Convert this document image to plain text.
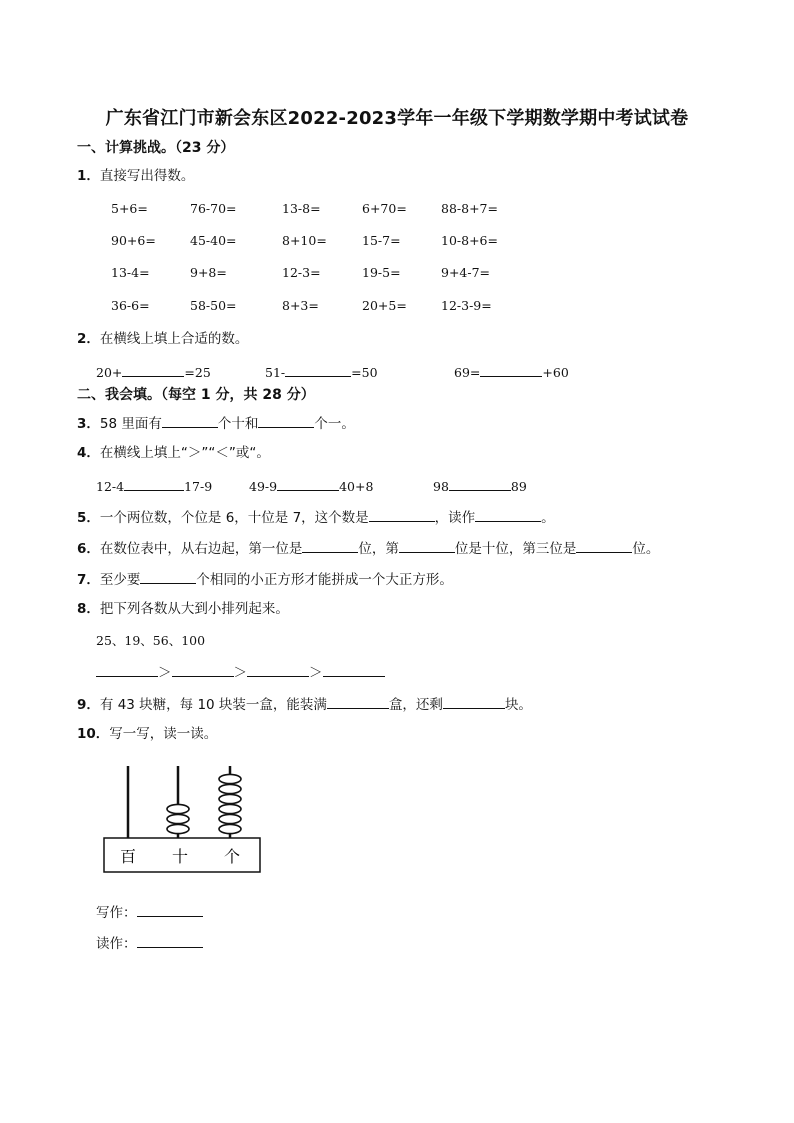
广东省江门市新会东区2022-2023学年一年级下学期数学期中考试试卷
一、计算挑战。（23 分）
1．直接写出得数。
5+6=	76-70=	13-8=	6+70=	88-8+7=
90+6=	45-40=	8+10=	15-7=	10-8+6=
13-4=	9+8=	12-3=	19-5=	9+4-7=
36-6=	58-50=	8+3=	20+5=	12-3-9=
2．在横线上填上合适的数。
20+	=25	51-	=50	69=	+60
二、我会填。（每空 1 分，共 28 分）
3．58 里面有	个十和	个一。
4．在横线上填上“＞”“＜”或“。
12-4	17-9	49-9	40+8	98	89
5．一个两位数，个位是 6，十位是 7，这个数是	，读作	。
6．在数位表中，从右边起，第一位是	位，第	位是十位，第三位是	位。
7．至少要	个相同的小正方形才能拼成一个大正方形。
8．把下列各数从大到小排列起来。
25、19、56、100
＞	＞	＞
9．有 43 块糖，每 10 块装一盒，能装满	盒，还剩	块。
10．写一写，读一读。
百 十 个
写作：
读作：
